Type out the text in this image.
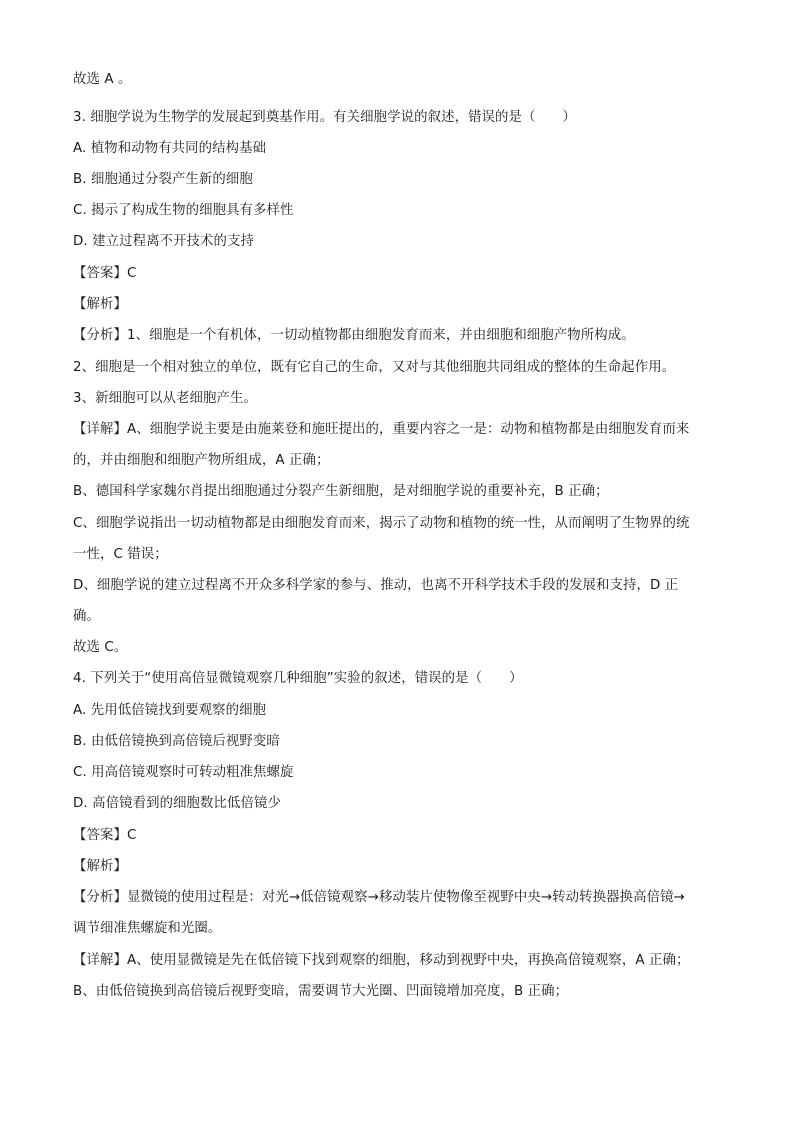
故选 A 。
3. 细胞学说为生物学的发展起到奠基作用。有关细胞学说的叙述，错误的是（　　）
A. 植物和动物有共同的结构基础
B. 细胞通过分裂产生新的细胞
C. 揭示了构成生物的细胞具有多样性
D. 建立过程离不开技术的支持
【答案】C
【解析】
【分析】1、细胞是一个有机体，一切动植物都由细胞发育而来，并由细胞和细胞产物所构成。
2、细胞是一个相对独立的单位，既有它自己的生命，又对与其他细胞共同组成的整体的生命起作用。
3、新细胞可以从老细胞产生。
【详解】A、细胞学说主要是由施莱登和施旺提出的，重要内容之一是：动物和植物都是由细胞发育而来
的，并由细胞和细胞产物所组成，A 正确；
B、德国科学家魏尔肖提出细胞通过分裂产生新细胞，是对细胞学说的重要补充，B 正确；
C、细胞学说指出一切动植物都是由细胞发育而来，揭示了动物和植物的统一性，从而阐明了生物界的统
一性，C 错误；
D、细胞学说的建立过程离不开众多科学家的参与、推动，也离不开科学技术手段的发展和支持，D 正
确。
故选 C。
4. 下列关于“使用高倍显微镜观察几种细胞”实验的叙述，错误的是（　　）
A. 先用低倍镜找到要观察的细胞
B. 由低倍镜换到高倍镜后视野变暗
C. 用高倍镜观察时可转动粗准焦螺旋
D. 高倍镜看到的细胞数比低倍镜少
【答案】C
【解析】
【分析】显微镜的使用过程是：对光→低倍镜观察→移动装片使物像至视野中央→转动转换器换高倍镜→
调节细准焦螺旋和光圈。
【详解】A、使用显微镜是先在低倍镜下找到观察的细胞，移动到视野中央，再换高倍镜观察，A 正确；
B、由低倍镜换到高倍镜后视野变暗，需要调节大光圈、凹面镜增加亮度，B 正确；
